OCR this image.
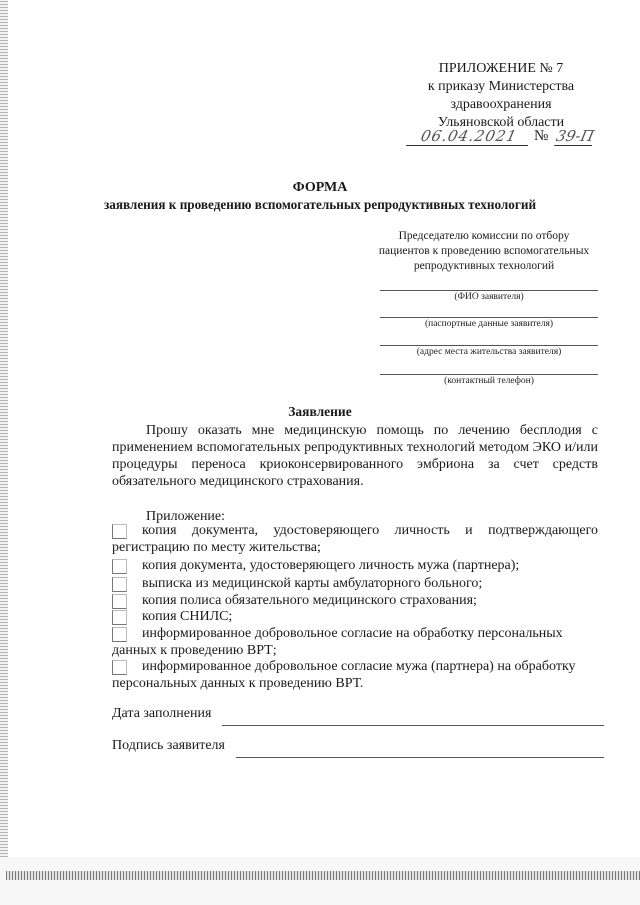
ПРИЛОЖЕНИЕ № 7
к приказу Министерства
здравоохранения
Ульяновской области
06.04.2021	№ 39-П
ФОРМА
заявления к проведению вспомогательных репродуктивных технологий
Председателю комиссии по отбору
пациентов к проведению вспомогательных
репродуктивных технологий
(ФИО заявителя)
(паспортные данные заявителя)
(адрес места жительства заявителя)
(контактный телефон)
Заявление
Прошу оказать мне медицинскую помощь по лечению бесплодия с применением вспомогательных репродуктивных технологий методом ЭКО и/или процедуры переноса криоконсервированного эмбриона за счет средств обязательного медицинского страхования.
Приложение:
копия документа, удостоверяющего личность и подтверждающего регистрацию по месту жительства;
копия документа, удостоверяющего личность мужа (партнера);
выписка из медицинской карты амбулаторного больного;
копия полиса обязательного медицинского страхования;
копия СНИЛС;
информированное добровольное согласие на обработку персональных данных к проведению ВРТ;
информированное добровольное согласие мужа (партнера) на обработку персональных данных к проведению ВРТ.
Дата заполнения
Подпись заявителя
